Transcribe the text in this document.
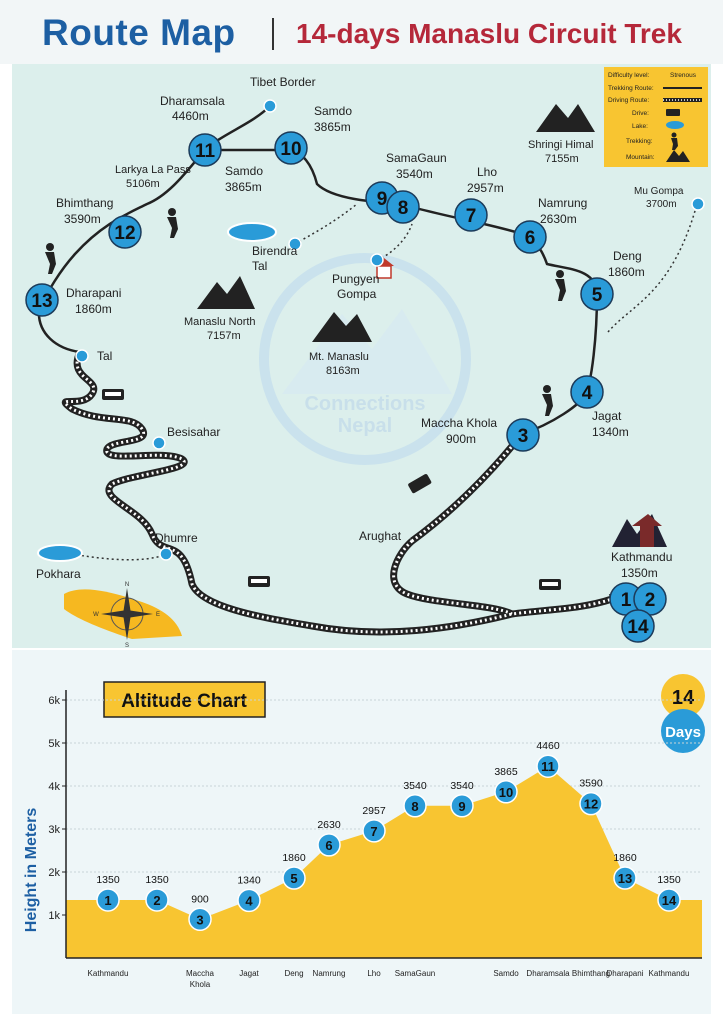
Route Map 14-days Manaslu Circuit Trek
Connections
Nepal
N
S
E
W
11	10
9 8	7
6
5
4
3
12
13
1 2
14
Tibet Border
Dharamsala
4460m	Samdo
3865m
Larkya La Pass
5106m
Samdo
3865m
SamaGaun
3540m	Lho
2957m
Shringi Himal
7155m
Namrung
2630m
Mu Gompa
3700m
Bhimthang
3590m
Birendra
Tal
Pungyen
Gompa
Deng
1860m
Dharapani
1860m
Manaslu North
7157m
Mt. Manaslu
8163m
Tal
Jagat
1340m
Maccha Khola
900m
Besisahar
Arughat
Dhumre
Kathmandu
1350m
Pokhara
Difficulty level:	Strenous
Trekking Route:
Driving Route:
Drive:
Lake:
Trekking:
Mountain:
Altitude Chart	14
Days
Height in Meters 1k
2k
3k
4k
5k
6k
1
1350
Kathmandu
2
1350
3
900
Maccha
Khola
4
1340
Jagat
5
1860
Deng
6
2630
Namrung
7
2957
Lho
8
3540
SamaGaun
9
3540 10
3865
Samdo
11
4460
Dharamsala
12
3590
Bhimthang
13
1860
Dharapani
14
1350
Kathmandu
